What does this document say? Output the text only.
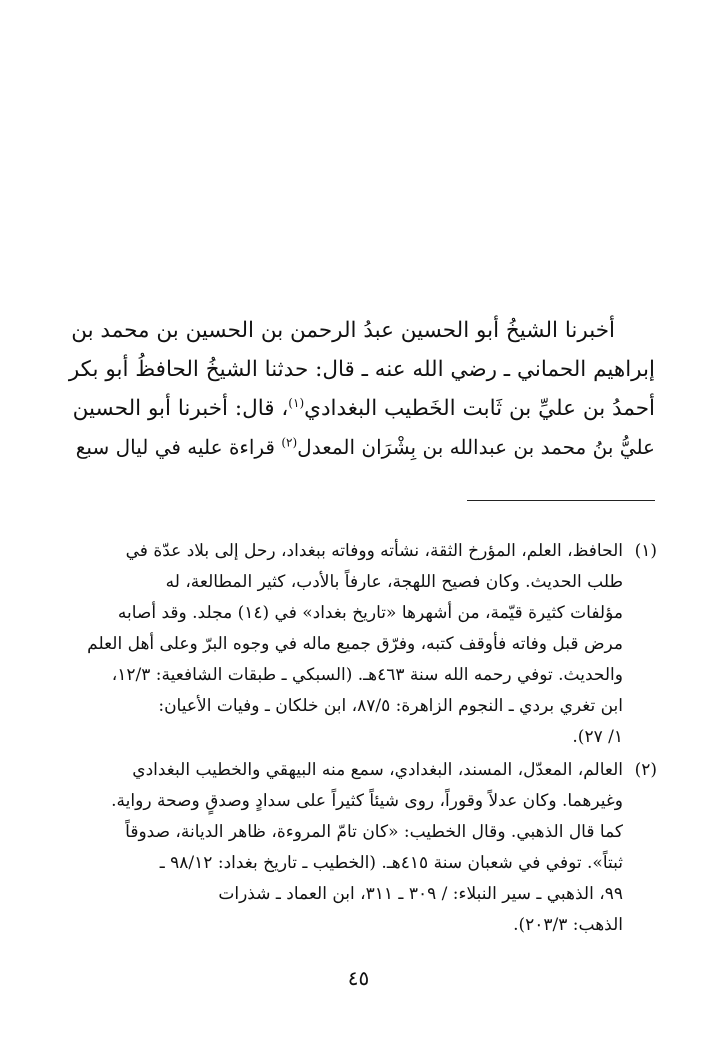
أخبرنا الشيخُ أبو الحسين عبدُ الرحمن بن الحسين بن محمد بن
إبراهيم الحماني ـ رضي الله عنه ـ قال: حدثنا الشيخُ الحافظُ أبو بكر
أحمدُ بن عليِّ بن ثَابت الخَطيب البغدادي$^{(١)}$، قال: أخبرنا أبو الحسين
عليُّ بنُ محمد بن عبدالله بن بِشْرَان المعدل$^{(٢)}$ قراءة عليه في ليال سبع
(١)
الحافظ، العلم، المؤرخ الثقة، نشأته ووفاته ببغداد، رحل إلى بلاد عدّة في
طلب الحديث. وكان فصيح اللهجة، عارفاً بالأدب، كثير المطالعة، له
مؤلفات كثيرة قيّمة، من أشهرها «تاريخ بغداد» في (١٤) مجلد. وقد أصابه
مرض قبل وفاته فأوقف كتبه، وفرّق جميع ماله في وجوه البرّ وعلى أهل العلم
والحديث. توفي رحمه الله سنة ٤٦٣هـ. (السبكي ـ طبقات الشافعية: ١٢/٣،
ابن تغري بردي ـ النجوم الزاهرة: ٨٧/٥، ابن خلكان ـ وفيات الأعيان:
١/ ٢٧).
(٢)
العالم، المعدّل، المسند، البغدادي، سمع منه البيهقي والخطيب البغدادي
وغيرهما. وكان عدلاً وقوراً، روى شيئاً كثيراً على سدادٍ وصدقٍ وصحة رواية.
كما قال الذهبي. وقال الخطيب: «كان تامّ المروءة، ظاهر الديانة، صدوقاً
ثبتاً». توفي في شعبان سنة ٤١٥هـ. (الخطيب ـ تاريخ بغداد: ٩٨/١٢ ـ
٩٩، الذهبي ـ سير النبلاء: / ٣٠٩ ـ ٣١١، ابن العماد ـ شذرات
الذهب: ٢٠٣/٣).
٤٥
